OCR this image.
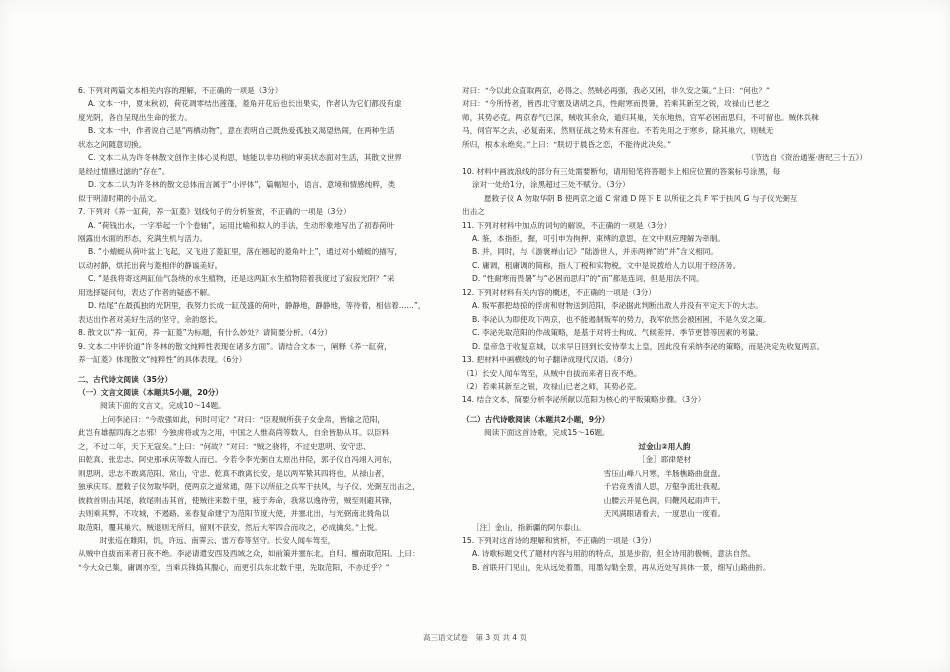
6. 下列对两篇文本相关内容的理解，不正确的一项是（3分）
A. 文本一中，夏末秋初，荷花凋零结出莲蓬，菱角开花后也长出果实，作者认为它们都没有虚
度光阴，各自呈现出生命的张力。
B. 文本一中，作者说自己是“两栖动物”，意在表明自己既热爱孤独又渴望热闹，在两种生活
状态之间随意切换。
C. 文本二从为许冬林散文创作主体心灵构思，她能以非功利的审美状态面对生活，其散文世界
是经过情感过滤的“存在”。
D. 文本二认为许冬林的散文总体而言属于“小评体”，篇幅短小，语言、意境和情感纯粹，类
似于明清时期的小品文。
7. 下列对《养一缸荷，养一缸菱》划线句子的分析鉴赏，不正确的一项是（3分）
A. “荷钱出水，一字举起一个个卷轴”，运用比喻和拟人的手法，生动形象地写出了初春荷叶
刚露出水面的形态，充满生机与活力。
B. “小蜻蜓从荷叶盆上飞起，又飞进了菱缸里，落在翘起的菱角叶上”，通过对小蜻蜓的描写，
以动衬静，烘托出荷与菱相伴的静谧美好。
C. “是我将寄这两缸仙气袅绕的水生植物，还是这两缸水生植物陪着我度过了寂寂光阴？”采
用选择疑问句，表达了作者的疑惑不解。
D. 结尾“在最孤独的光阴里，我努力长成一缸茂盛的荷叶，静静地，静静地，等待着，相信着……”，
表达出作者对美好生活的坚守，余韵悠长。
8. 散文以“养一缸荷，养一缸菱”为标题，有什么妙处？请简要分析。（4分）
9. 文本二中评价道“许冬林的散文纯粹性表现在诸多方面”。请结合文本一，阐释《养一缸荷，
养一缸菱》体现散文“纯粹性”的具体表现。（6分）
二、古代诗文阅读（35分）
（一）文言文阅读（本题共5小题，20分）
阅读下面的文言文，完成10～14题。
上问李泌曰：“今敌强如此，何时可定？”对曰：“臣观贼所获子女金帛，皆输之范阳，
此岂有雄据四海之志邪！今独虏将或为之用，中国之人惟高尚等数人，自余皆胁从耳。以臣料
之，不过二年，天下无寇矣。”上曰：“何故？”对曰：“贼之骁将，不过史思明、安守忠、
田乾真、张忠志、阿史那承庆等数人而已。今若令李光弼自太原出井陉，郭子仪自冯翊入河东，
则思明、忠志不敢离范阳、常山，守忠、乾真不敢离长安，是以两军絷其四将也，从禄山者，
独承庆耳。愿敕子仪勿取华阴，使两京之道常通，陛下以所征之兵军于扶风，与子仪、光弼互出击之，
彼救首则击其尾，救尾则击其首，使贼往来数千里，疲于奔命，我常以逸待劳，贼至则避其锋，
去则乘其弊，不攻城，不遏路。来春复命建宁为范阳节度大使，并塞北出，与光弼南北掎角以
取范阳，覆其巢穴。贼退则无所归，留则不获安，然后大军四合而攻之，必成擒矣。”上悦。
时张巡在睢阳，饥，许远、南霁云、雷万春等坚守。长安人闻车驾至，
从贼中自拔而来者日夜不绝。李泌请遣安西及西域之众，如前策并塞东北，自归、檀南取范阳。上曰：
“今大众已集，庸调亦至，当乘兵锋捣其腹心，而更引兵东北数千里，先取范阳，不亦迂乎？”
对曰：“今以此众直取两京，必得之。然贼必再强，我必又困，非久安之策。”上曰：“何也？”
对曰：“今所恃者，皆西北守塞及诸胡之兵，性耐寒而畏暑，若乘其新至之锐，攻禄山已老之
师，其势必克。两京春气已深，贼收其余众，遁归其巢，关东地热，官军必困而思归，不可留也。贼休兵秣
马，伺官军之去，必复南来，然则征战之势未有涯也。不若先用之于寒乡，除其巢穴，则贼无
所归，根本永绝矣。”上曰：“朕切于晨昏之恋，不能待此决矣。”
（节选自《资治通鉴·唐纪三十五》）
10. 材料中画波浪线的部分有三处需要断句，请用铅笔将答题卡上相应位置的答案标号涂黑，每
涂对一处给1分，涂黑超过三处不赋分。（3分）
愿敕子仪 A 勿取华阴 B 使两京之道 C 常通 D 陛下 E 以所征之兵 F 军于扶风 G 与子仪光弼互
出击之
11. 下列对材料中加点的词句的解说，不正确的一项是（3分）
A. 鉴，本指拒，握，可引申为拘押、束缚的意思，在文中则应理解为牵制。
B. 并，同时，与《游褒禅山记》“陆游世人，并赤两禅”的“并”含义相同。
C. 庸调，租庸调的简称，指人丁税和实物税，文中是说拨给人力以用于经济务。
D. “性耐寒而畏暑”与“必困而思归”的“而”都是连词，但是用法不同。
12. 下列对材料有关内容的概述，不正确的一项是（3分）
A. 叛军都把劫掠的俘虏和财物送到范阳，李泌据此判断出敌人并没有平定天下的大志。
B. 李泌认为即使攻下两京，也不能遏制叛军的势力，我军依然会被困困，不是久安之策。
C. 李泌先取范阳的作战策略，是基于对将士构成、气候差异、季节更替等因素的考量。
D. 皇帝急于收复京城，以求早日回到长安侍奉太上皇，因此没有采纳李泌的策略，而是决定先收复两京。
13. 把材料中画横线的句子翻译成现代汉语。（8分）
（1）长安人闻车驾至，从贼中自拔而来者日夜不绝。
（2）若乘其新至之锐，攻禄山已老之师，其势必克。
14. 结合文本，简要分析李泌所献以范阳为核心的平叛策略步骤。（3分）
（二）古代诗歌阅读（本题共2小题，9分）
阅读下面这首诗歌，完成15～16题。
过金山②用人韵
［金］耶律楚材
雪压山峰八月寒，羊肠樵路曲盘盘。
千岩竞秀清人思，万壑争流壮我观。
山腰云开晃色润，归鞭风起雨声干。
天风满眼诸看去，一度思山一度看。
［注］金山，指新疆的阿尔泰山。
15. 下列对这首诗的理解和赏析，不正确的一项是（3分）
A. 诗歌标题交代了题材内容与用韵的特点，虽是步韵，但全诗用韵极畅，意法自然。
B. 首联开门见山，先从远处着墨，用墨勾勒全景，再从近处写具体一景，细写山路曲折。
高三语文试卷　第 3 页 共 4 页
